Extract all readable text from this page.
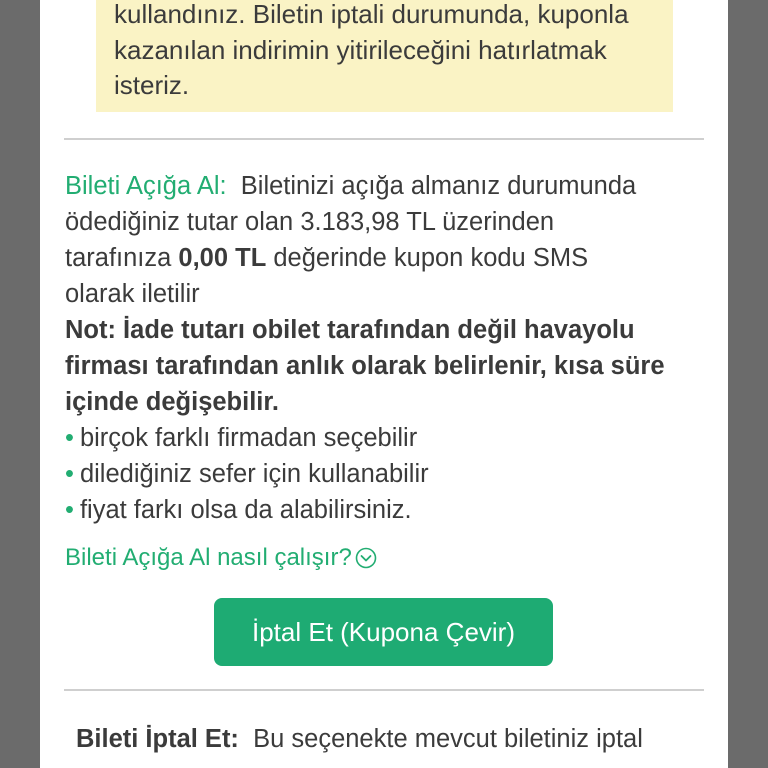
kullandınız. Biletin iptali durumunda, kuponla
kazanılan indirimin yitirileceğini hatırlatmak
isteriz.
Bileti Açığa Al: Biletinizi açığa almanız durumunda
ödediğiniz tutar olan 3.183,98 TL üzerinden
tarafınıza 0,00 TL değerinde kupon kodu SMS
olarak iletilir
Not: İade tutarı obilet tarafından değil havayolu
firması tarafından anlık olarak belirlenir, kısa süre
içinde değişebilir.
• birçok farklı firmadan seçebilir
• dilediğiniz sefer için kullanabilir
• fiyat farkı olsa da alabilirsiniz.
Bileti Açığa Al nasıl çalışır?
İptal Et (Kupona Çevir)
Bileti İptal Et: Bu seçenekte mevcut biletiniz iptal
